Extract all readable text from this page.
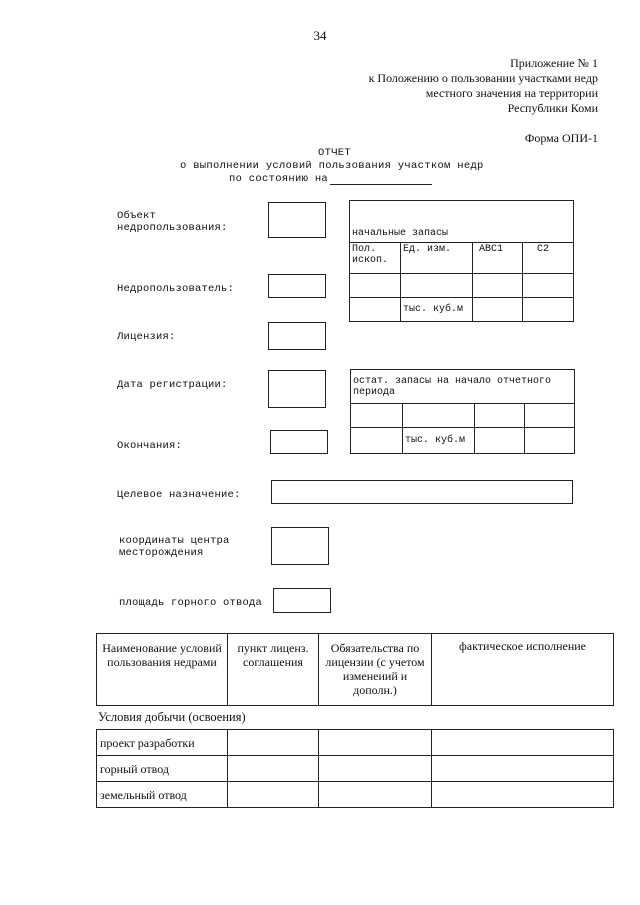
34
Приложение № 1
к Положению о пользовании участками недр
местного значения на территории
Республики Коми
Форма ОПИ-1
ОТЧЕТ
о выполнении условий пользования участком недр
по состоянию на
Объект
недропользования:
Недропользователь:
Лицензия:
Дата регистрации:
Окончания:
Целевое назначение:
координаты центра
месторождения
площадь горного отвода
начальные запасы			
Пол. ископ.	Ед. изм.	АВС1	С2

	тыс. куб.м		
остат. запасы на начало отчетного периода			

	тыс. куб.м		
Наименование условий пользования недрами	пункт лиценз. соглашения	Обязательства по лицензии (с учетом изменеиий и дополн.)	фактическое исполнение
Условия добычи (освоения)
проект разработки			
горный отвод			
земельный отвод			
